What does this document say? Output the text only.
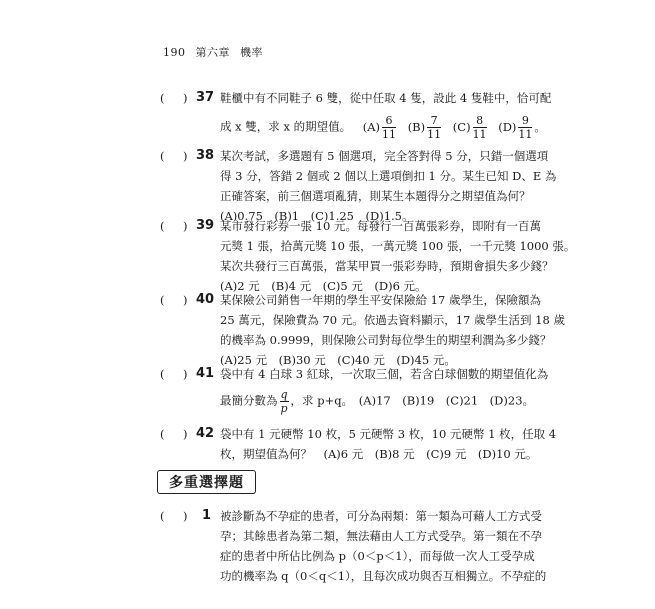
190 第六章 機率
( ) 37 鞋櫃中有不同鞋子 6 雙，從中任取 4 隻，設此 4 隻鞋中，恰可配
成 x 雙，求 x 的期望值。 $(A) \frac{6}{11} (B) \frac{7}{11} (C) \frac{8}{11} (D) \frac{9}{11}$ 。
( ) 38 某次考試，多選題有 5 個選項，完全答對得 5 分，只錯一個選項
得 3 分，答錯 2 個或 2 個以上選項倒扣 1 分。某生已知 D、E 為
正確答案，前三個選項亂猜，則某生本題得分之期望值為何？
(A)0.75　(B)1　(C)1.25　(D)1.5。
( ) 39 某市發行彩券一張 10 元。每發行一百萬張彩券，即附有一百萬
元獎 1 張，拾萬元獎 10 張，一萬元獎 100 張，一千元獎 1000 張。
某次共發行三百萬張，當某甲買一張彩券時，預期會損失多少錢？
(A)2 元　(B)4 元　(C)5 元　(D)6 元。
( ) 40 某保險公司銷售一年期的學生平安保險給 17 歲學生，保險額為
25 萬元，保險費為 70 元。依過去資料顯示，17 歲學生活到 18 歲
的機率為 0.9999，則保險公司對每位學生的期望利潤為多少錢？
(A)25 元　(B)30 元　(C)40 元　(D)45 元。
( ) 41 袋中有 4 白球 3 紅球，一次取三個，若含白球個數的期望值化為
最簡分數為 $\frac{q}{p}$ ，求 p+q。　(A)17　(B)19　(C)21　(D)23。
( ) 42 袋中有 1 元硬幣 10 枚，5 元硬幣 3 枚，10 元硬幣 1 枚，任取 4
枚，期望值為何？　(A)6 元　(B)8 元　(C)9 元　(D)10 元。
多重選擇題
( ) 1 被診斷為不孕症的患者，可分為兩類：第一類為可藉人工方式受
孕；其餘患者為第二類，無法藉由人工方式受孕。第一類在不孕
症的患者中所佔比例為 p（0＜p＜1），而每做一次人工受孕成
功的機率為 q（0＜q＜1），且每次成功與否互相獨立。不孕症的
